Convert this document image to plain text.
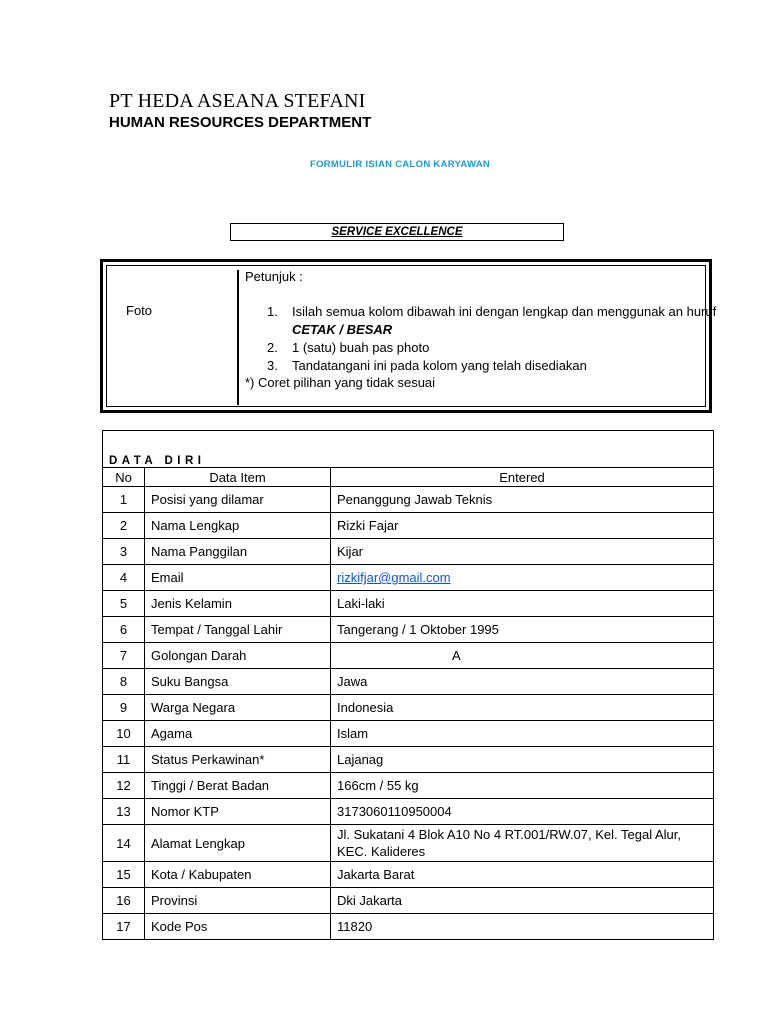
PT HEDA ASEANA STEFANI
HUMAN RESOURCES DEPARTMENT
FORMULIR ISIAN CALON KARYAWAN
SERVICE EXCELLENCE
Foto
Petunjuk :
1. Isilah semua kolom dibawah ini dengan lengkap dan menggunak an huruf CETAK / BESAR
2. 1 (satu) buah pas photo
3. Tandatangani ini pada kolom yang telah disediakan
*) Coret pilihan yang tidak sesuai
DATA DIRI		
No	Data Item	Entered
1	Posisi yang dilamar	Penanggung Jawab Teknis
2	Nama Lengkap	Rizki Fajar
3	Nama Panggilan	Kijar
4	Email	rizkifjar@gmail.com
5	Jenis Kelamin	Laki-laki
6	Tempat / Tanggal Lahir	Tangerang / 1 Oktober 1995
7	Golongan Darah	A
8	Suku Bangsa	Jawa
9	Warga Negara	Indonesia
10	Agama	Islam
11	Status Perkawinan*	Lajanag
12	Tinggi / Berat Badan	166cm / 55 kg
13	Nomor KTP	3173060110950004
14	Alamat Lengkap	Jl. Sukatani 4 Blok A10 No 4 RT.001/RW.07, Kel. Tegal Alur, KEC. Kalideres
15	Kota / Kabupaten	Jakarta Barat
16	Provinsi	Dki Jakarta
17	Kode Pos	11820
